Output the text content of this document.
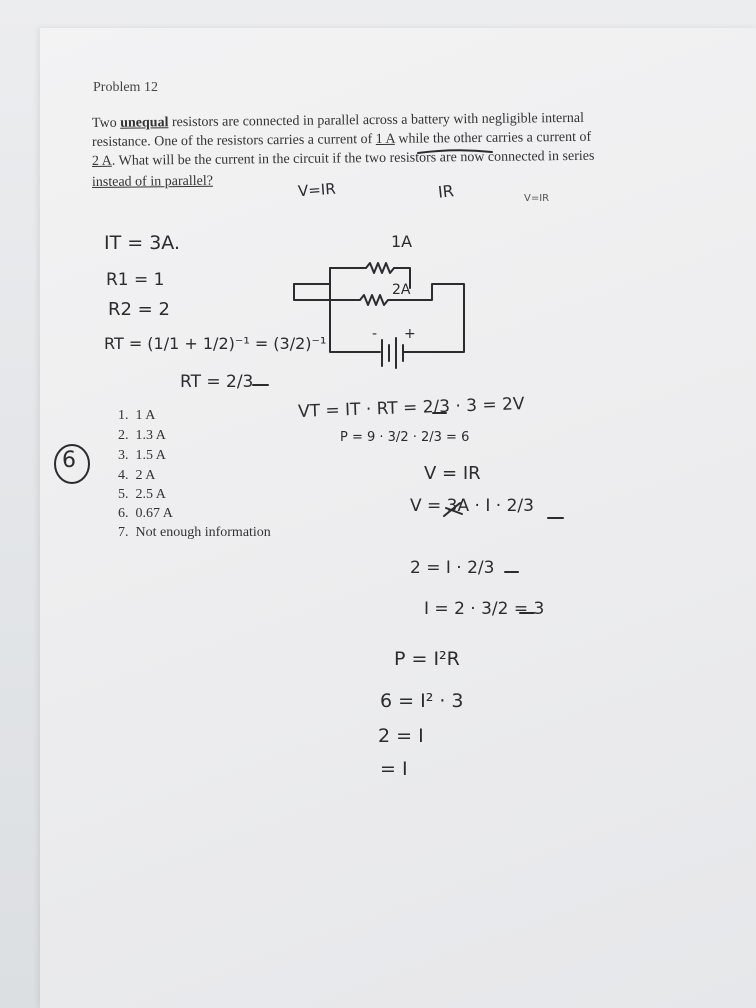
Problem 12
Two unequal resistors are connected in parallel across a battery with negligible internal
resistance. One of the resistors carries a current of 1 A while the other carries a current of
2 A. What will be the current in the circuit if the two resistors are now connected in series
instead of in parallel?
1. 1 A
2. 1.3 A
3. 1.5 A
4. 2 A
5. 2.5 A
6. 0.67 A
7. Not enough information
6
V=IR	IR	V=IR
IT = 3A.
R1 = 1
R2 = 2
RT = (1/1 + 1/2)⁻¹ = (3/2)⁻¹
RT = 2/3
1A
2A
- +
VT = IT · RT = 2/3 · 3 = 2V
P = 9 · 3/2 · 2/3 = 6
V = IR
V = 3A · I · 2/3
2 = I · 2/3
I = 2 · 3/2 = 3
P = I²R
6 = I² · 3
2 = I
= I
